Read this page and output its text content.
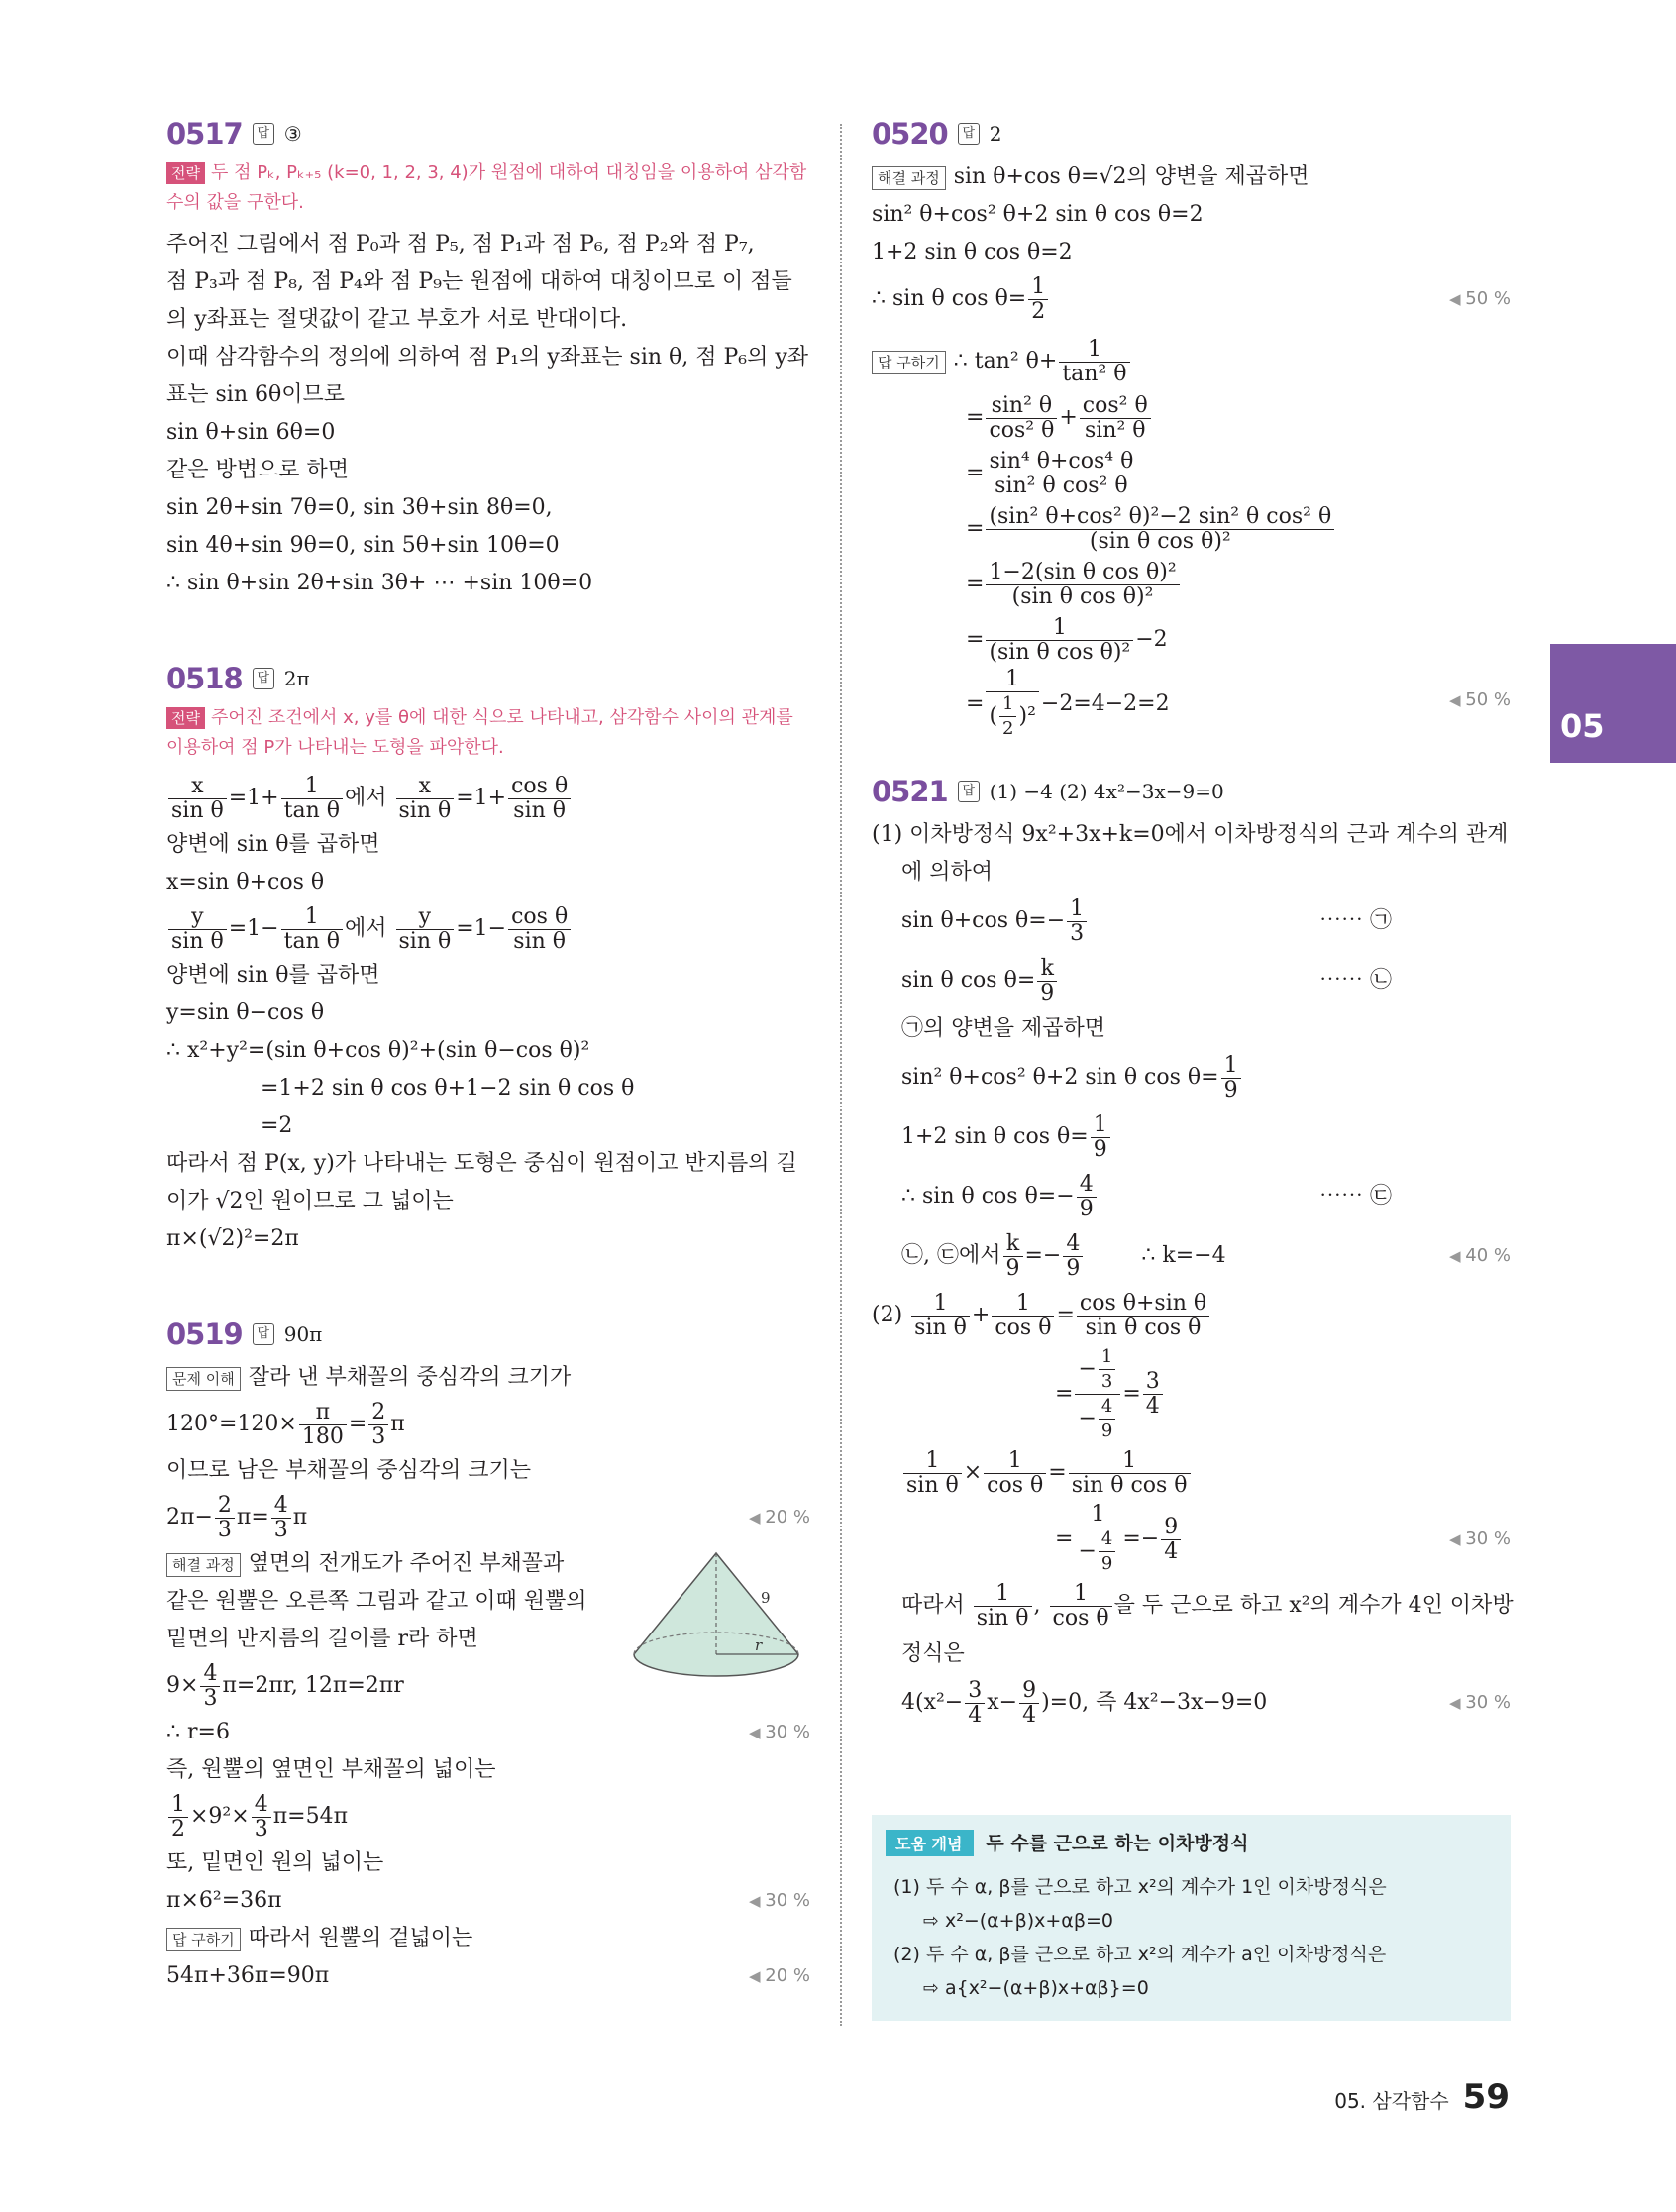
0517	답 ③
전략 두 점 Pₖ, Pₖ₊₅ (k=0, 1, 2, 3, 4)가 원점에 대하여 대칭임을 이용하여 삼각함수의 값을 구한다.
주어진 그림에서 점 P₀과 점 P₅, 점 P₁과 점 P₆, 점 P₂와 점 P₇,
점 P₃과 점 P₈, 점 P₄와 점 P₉는 원점에 대하여 대칭이므로 이 점들
의 y좌표는 절댓값이 같고 부호가 서로 반대이다.
이때 삼각함수의 정의에 의하여 점 P₁의 y좌표는 sin θ, 점 P₆의 y좌
표는 sin 6θ이므로
sin θ+sin 6θ=0
같은 방법으로 하면
sin 2θ+sin 7θ=0, sin 3θ+sin 8θ=0,
sin 4θ+sin 9θ=0, sin 5θ+sin 10θ=0
∴ sin θ+sin 2θ+sin 3θ+ ⋯ +sin 10θ=0
0518	답 2π
전략 주어진 조건에서 x, y를 θ에 대한 식으로 나타내고, 삼각함수 사이의 관계를 이용하여 점 P가 나타내는 도형을 파악한다.
$\frac{x}{\text{sin θ}} =1+ \frac{1}{\text{tan θ}}$ 에서 $\frac{x}{\text{sin θ}} =1+ \frac{\text{cos θ}}{\text{sin θ}}$
양변에 sin θ를 곱하면
x=sin θ+cos θ
$\frac{y}{\text{sin θ}} =1- \frac{1}{\text{tan θ}}$ 에서 $\frac{y}{\text{sin θ}} =1- \frac{\text{cos θ}}{\text{sin θ}}$
양변에 sin θ를 곱하면
y=sin θ−cos θ
∴ x²+y²=(sin θ+cos θ)²+(sin θ−cos θ)²
=1+2 sin θ cos θ+1−2 sin θ cos θ
=2
따라서 점 P(x, y)가 나타내는 도형은 중심이 원점이고 반지름의 길
이가 √2인 원이므로 그 넓이는
π×(√2)²=2π
0519	답 90π
문제 이해 잘라 낸 부채꼴의 중심각의 크기가
$120^\circ=120\times \frac{\pi}{180} = \frac{2}{3}$ π
이므로 남은 부채꼴의 중심각의 크기는
$2\pi- \frac{2}{3} \pi= \frac{4}{3}$ π	◀ 20 %
해결 과정 옆면의 전개도가 주어진 부채꼴과
같은 원뿔은 오른쪽 그림과 같고 이때 원뿔의
밑면의 반지름의 길이를 r라 하면
$9\times \frac{4}{3} \pi=2\pi r$, 12π=2πr
∴ r=6	◀ 30 %
즉, 원뿔의 옆면인 부채꼴의 넓이는
$\frac{1}{2} \times 9^2\times \frac{4}{3} \pi=54\pi$
또, 밑면인 원의 넓이는
π×6²=36π	◀ 30 %
답 구하기 따라서 원뿔의 겉넓이는
54π+36π=90π	◀ 20 %
9
r
0520	답 2
해결 과정 sin θ+cos θ=√2의 양변을 제곱하면
sin² θ+cos² θ+2 sin θ cos θ=2
1+2 sin θ cos θ=2
∴ sin θ $\cos \theta= \frac{1}{2}$	◀ 50 %
답 구하기 ∴ tan² $\theta+ \frac{1}{\text{tan² θ}}$
= $\frac{\text{sin² θ}}{\text{cos² θ}} + \frac{\text{cos² θ}}{\text{sin² θ}}$
= $\frac{\text{sin⁴ θ+cos⁴ θ}}{\text{sin² θ cos² θ}}$
= $\frac{\text{(sin² θ+cos² θ)²−2 sin² θ cos² θ}}{\text{(sin θ cos θ)²}}$
= $\frac{\text{1−2(sin θ cos θ)²}}{\text{(sin θ cos θ)²}}$
= $\frac{1}{\text{(sin θ cos θ)²}} -2$
= $\frac{1}{( \frac{1}{2} )^2} -2=4-2=2$	◀ 50 %
0521	답 (1) −4 (2) 4x²−3x−9=0
(1) 이차방정식 9x²+3x+k=0에서 이차방정식의 근과 계수의 관계
에 의하여
sin θ+cos $\theta=- \frac{1}{3}$	⋯⋯ ㉠
sin θ $\cos \theta= \frac{k}{9}$	⋯⋯ ㉡
㉠의 양변을 제곱하면
sin² θ+cos² θ+2 sin θ $\cos \theta= \frac{1}{9}$
1+2 sin θ $\cos \theta= \frac{1}{9}$
∴ sin θ $\cos \theta=- \frac{4}{9}$	⋯⋯ ㉢
㉡, ㉢에서 $\frac{k}{9} =- \frac{4}{9}$	∴ k=−4	◀ 40 %
$(2) \frac{1}{\text{sin θ}} + \frac{1}{\text{cos θ}} = \frac{\text{cos θ+sin θ}}{\text{sin θ cos θ}}$
= $\frac{- \frac{1}{3}}{- \frac{4}{9}} = \frac{3}{4}$
$\frac{1}{\text{sin θ}} \times \frac{1}{\text{cos θ}} = \frac{1}{\text{sin θ cos θ}}$
= $\frac{1}{- \frac{4}{9}} =- \frac{9}{4}$	◀ 30 %
따라서 $\frac{1}{\text{sin θ}}$ , $\frac{1}{\text{cos θ}}$ 을 두 근으로 하고 x²의 계수가 4인 이차방
정식은
$4(x^2- \frac{3}{4} x- \frac{9}{4} )=0$, 즉 4x²−3x−9=0	◀ 30 %
도움 개념 두 수를 근으로 하는 이차방정식
(1) 두 수 α, β를 근으로 하고 x²의 계수가 1인 이차방정식은
⇨ x²−(α+β)x+αβ=0
(2) 두 수 α, β를 근으로 하고 x²의 계수가 a인 이차방정식은
⇨ a{x²−(α+β)x+αβ}=0
05
05. 삼각함수 59
